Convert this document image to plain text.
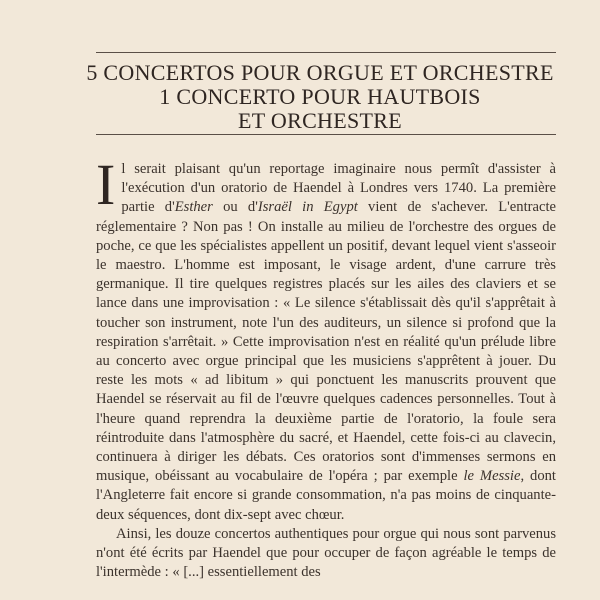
5 CONCERTOS POUR ORGUE ET ORCHESTRE
1 CONCERTO POUR HAUTBOIS
ET ORCHESTRE

Il serait plaisant qu'un reportage imaginaire nous permît d'assister à l'exécution d'un oratorio de Haendel à Londres vers 1740. La première partie d'Esther ou d'Israël in Egypt vient de s'achever. L'entracte réglementaire ? Non pas ! On installe au milieu de l'orchestre des orgues de poche, ce que les spécialistes appellent un positif, devant lequel vient s'asseoir le maestro. L'homme est imposant, le visage ardent, d'une carrure très germanique. Il tire quelques registres placés sur les ailes des claviers et se lance dans une improvisation : « Le silence s'établissait dès qu'il s'apprêtait à toucher son instrument, note l'un des auditeurs, un silence si profond que la respiration s'arrêtait. » Cette improvisation n'est en réalité qu'un prélude libre au concerto avec orgue principal que les musiciens s'apprêtent à jouer. Du reste les mots « ad libitum » qui ponctuent les manuscrits prouvent que Haendel se réservait au fil de l'œuvre quelques cadences personnelles. Tout à l'heure quand reprendra la deuxième partie de l'oratorio, la foule sera réintroduite dans l'atmosphère du sacré, et Haendel, cette fois-ci au clavecin, continuera à diriger les débats. Ces oratorios sont d'immenses sermons en musique, obéissant au vocabulaire de l'opéra ; par exemple le Messie, dont l'Angleterre fait encore si grande consommation, n'a pas moins de cinquante-deux séquences, dont dix-sept avec chœur.

Ainsi, les douze concertos authentiques pour orgue qui nous sont parvenus n'ont été écrits par Haendel que pour occuper de façon agréable le temps de l'intermède : « [...] essentiellement des
